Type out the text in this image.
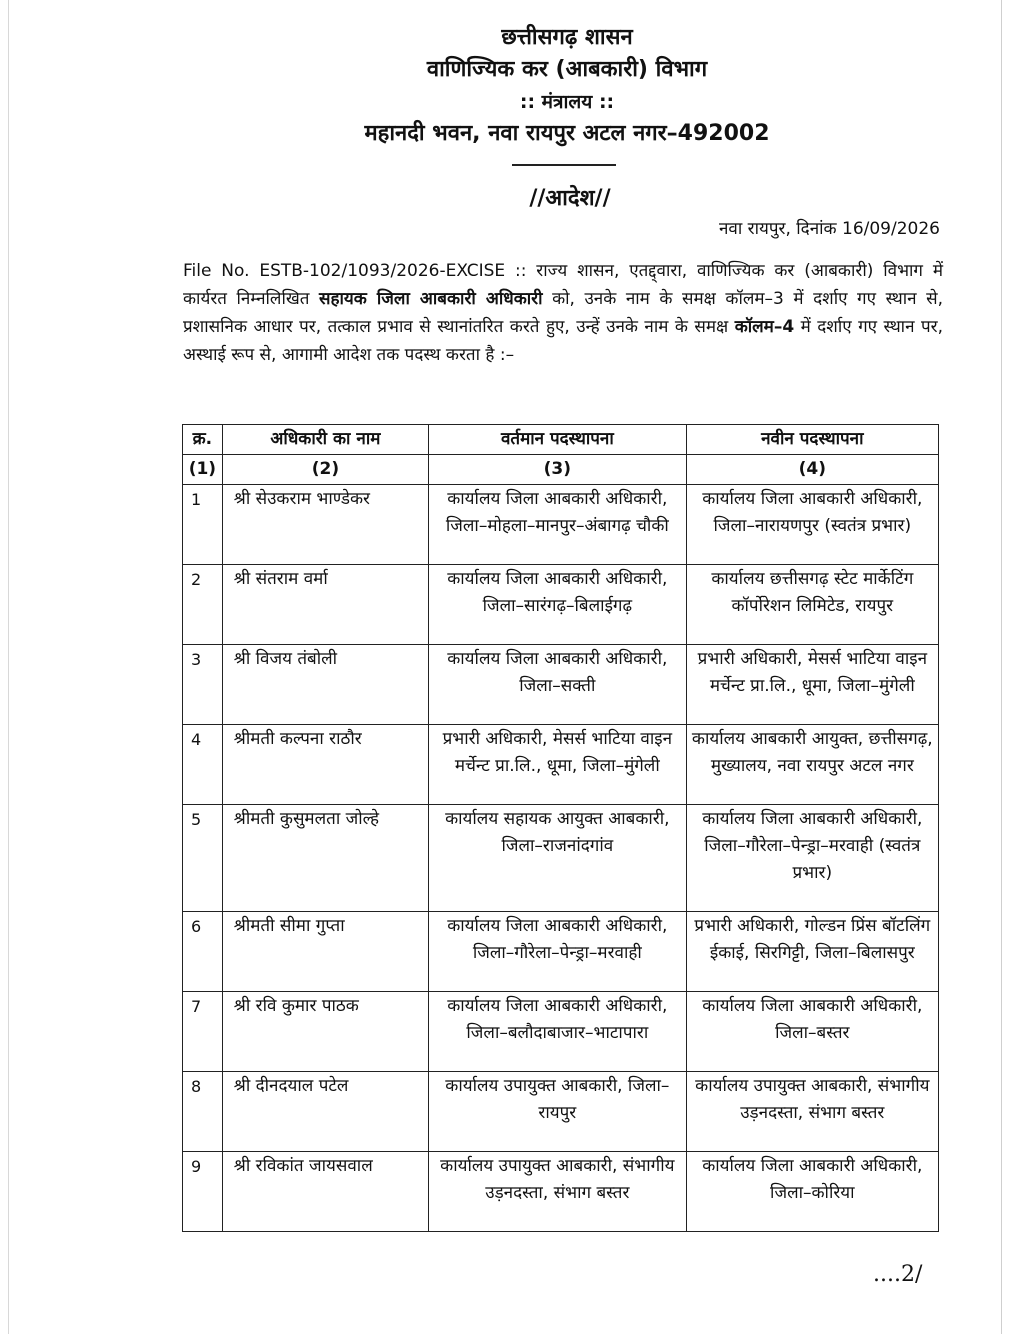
छत्तीसगढ़ शासन
वाणिज्यिक कर (आबकारी) विभाग
:: मंत्रालय ::
महानदी भवन, नवा रायपुर अटल नगर–492002
//आदेश//
नवा रायपुर, दिनांक 16/09/2026
File No. ESTB-102/1093/2026-EXCISE :: राज्य शासन, एतद्द्वारा, वाणिज्यिक कर (आबकारी) विभाग में कार्यरत निम्नलिखित सहायक जिला आबकारी अधिकारी को, उनके नाम के समक्ष कॉलम–3 में दर्शाए गए स्थान से, प्रशासनिक आधार पर, तत्काल प्रभाव से स्थानांतरित करते हुए, उन्हें उनके नाम के समक्ष कॉलम–4 में दर्शाए गए स्थान पर, अस्थाई रूप से, आगामी आदेश तक पदस्थ करता है :–
क्र.	अधिकारी का नाम	वर्तमान पदस्थापना	नवीन पदस्थापना
(1)	(2)	(3)	(4)
1	श्री सेउकराम भाण्डेकर	कार्यालय जिला आबकारी अधिकारी, जिला–मोहला–मानपुर–अंबागढ़ चौकी	कार्यालय जिला आबकारी अधिकारी, जिला–नारायणपुर (स्वतंत्र प्रभार)

2	श्री संतराम वर्मा	कार्यालय जिला आबकारी अधिकारी, जिला–सारंगढ़–बिलाईगढ़	कार्यालय छत्तीसगढ़ स्टेट मार्केटिंग कॉर्पोरेशन लिमिटेड, रायपुर

3	श्री विजय तंबोली	कार्यालय जिला आबकारी अधिकारी, जिला–सक्ती	प्रभारी अधिकारी, मेसर्स भाटिया वाइन मर्चेन्ट प्रा.लि., धूमा, जिला–मुंगेली

4	श्रीमती कल्पना राठौर	प्रभारी अधिकारी, मेसर्स भाटिया वाइन मर्चेन्ट प्रा.लि., धूमा, जिला–मुंगेली	कार्यालय आबकारी आयुक्त, छत्तीसगढ़, मुख्यालय, नवा रायपुर अटल नगर

5	श्रीमती कुसुमलता जोल्हे	कार्यालय सहायक आयुक्त आबकारी, जिला–राजनांदगांव	कार्यालय जिला आबकारी अधिकारी, जिला–गौरेला–पेन्ड्रा–मरवाही (स्वतंत्र प्रभार)

6	श्रीमती सीमा गुप्ता	कार्यालय जिला आबकारी अधिकारी, जिला–गौरेला–पेन्ड्रा–मरवाही	प्रभारी अधिकारी, गोल्डन प्रिंस बॉटलिंग ईकाई, सिरगिट्टी, जिला–बिलासपुर

7	श्री रवि कुमार पाठक	कार्यालय जिला आबकारी अधिकारी, जिला–बलौदाबाजार–भाटापारा	कार्यालय जिला आबकारी अधिकारी, जिला–बस्तर

8	श्री दीनदयाल पटेल	कार्यालय उपायुक्त आबकारी, जिला–रायपुर	कार्यालय उपायुक्त आबकारी, संभागीय उड़नदस्ता, संभाग बस्तर

9	श्री रविकांत जायसवाल	कार्यालय उपायुक्त आबकारी, संभागीय उड़नदस्ता, संभाग बस्तर	कार्यालय जिला आबकारी अधिकारी, जिला–कोरिया
....2/
